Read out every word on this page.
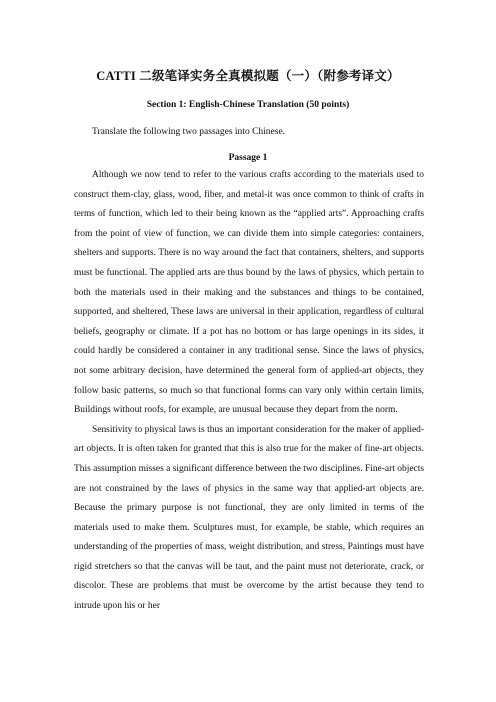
CATTI 二级笔译实务全真模拟题（一）（附参考译文）
Section 1: English-Chinese Translation (50 points)
Translate the following two passages into Chinese.
Passage 1

Although we now tend to refer to the various crafts according to the materials used to construct them-clay, glass, wood, fiber, and metal-it was once common to think of crafts in terms of function, which led to their being known as the “applied arts”. Approaching crafts from the point of view of function, we can divide them into simple categories: containers, shelters and supports. There is no way around the fact that containers, shelters, and supports must be functional. The applied arts are thus bound by the laws of physics, which pertain to both the materials used in their making and the substances and things to be contained, supported, and sheltered, These laws are universal in their application, regardless of cultural beliefs, geography or climate. If a pot has no bottom or has large openings in its sides, it could hardly be considered a container in any traditional sense. Since the laws of physics, not some arbitrary decision, have determined the general form of applied-art objects, they follow basic patterns, so much so that functional forms can vary only within certain limits, Buildings without roofs, for example, are unusual because they depart from the norm.

Sensitivity to physical laws is thus an important consideration for the maker of applied-art objects. It is often taken for granted that this is also true for the maker of fine-art objects. This assumption misses a significant difference between the two disciplines. Fine-art objects are not constrained by the laws of physics in the same way that applied-art objects are. Because the primary purpose is not functional, they are only limited in terms of the materials used to make them. Sculptures must, for example, be stable, which requires an understanding of the properties of mass, weight distribution, and stress, Paintings must have rigid stretchers so that the canvas will be taut, and the paint must not deteriorate, crack, or discolor. These are problems that must be overcome by the artist because they tend to intrude upon his or her
